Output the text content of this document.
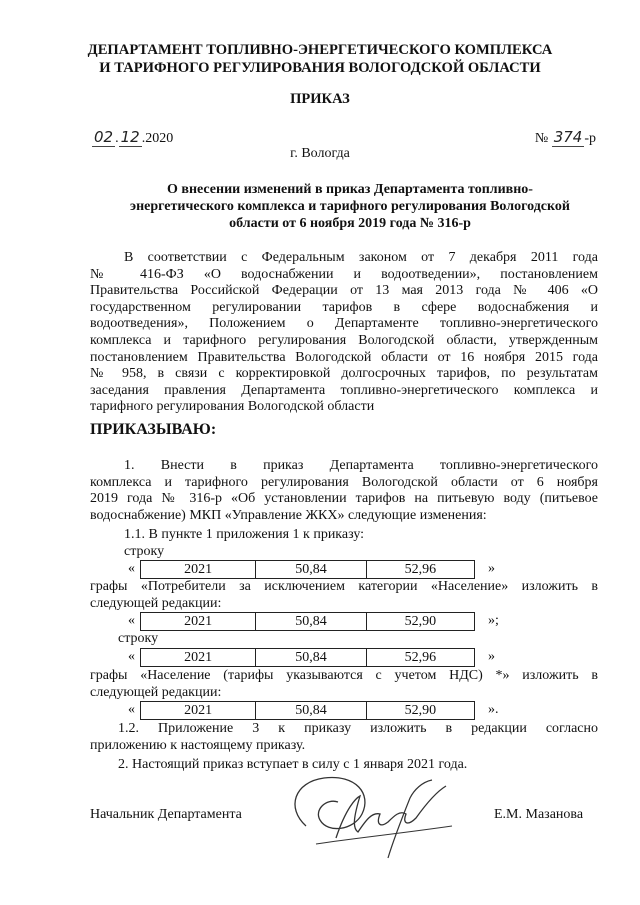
ДЕПАРТАМЕНТ ТОПЛИВНО-ЭНЕРГЕТИЧЕСКОГО КОМПЛЕКСА
И ТАРИФНОГО РЕГУЛИРОВАНИЯ ВОЛОГОДСКОЙ ОБЛАСТИ
ПРИКАЗ
02 . 12 .2020	№ 374 -р
г. Вологда
О внесении изменений в приказ Департамента топливно-
энергетического комплекса и тарифного регулирования Вологодской
области от 6 ноября 2019 года № 316-р
В соответствии с Федеральным законом от 7 декабря 2011 года
№ 416-ФЗ «О водоснабжении и водоотведении», постановлением
Правительства Российской Федерации от 13 мая 2013 года № 406 «О
государственном регулировании тарифов в сфере водоснабжения и
водоотведения», Положением о Департаменте топливно-энергетического
комплекса и тарифного регулирования Вологодской области, утвержденным
постановлением Правительства Вологодской области от 16 ноября 2015 года
№ 958, в связи с корректировкой долгосрочных тарифов, по результатам
заседания правления Департамента топливно-энергетического комплекса и
тарифного регулирования Вологодской области
ПРИКАЗЫВАЮ:
1. Внести в приказ Департамента топливно-энергетического
комплекса и тарифного регулирования Вологодской области от 6 ноября
2019 года № 316-р «Об установлении тарифов на питьевую воду (питьевое
водоснабжение) МКП «Управление ЖКХ» следующие изменения:
1.1. В пункте 1 приложения 1 к приказу:
строку
«	2021	50,84	52,96	»
графы «Потребители за исключением категории «Население» изложить в
следующей редакции:
«	2021	50,84	52,90	»;
строку
«	2021	50,84	52,96	»
графы «Население (тарифы указываются с учетом НДС) *» изложить в
следующей редакции:
«	2021	50,84	52,90	».
1.2. Приложение 3 к приказу изложить в редакции согласно
приложению к настоящему приказу.
2. Настоящий приказ вступает в силу с 1 января 2021 года.
Начальник Департамента	Е.М. Мазанова
